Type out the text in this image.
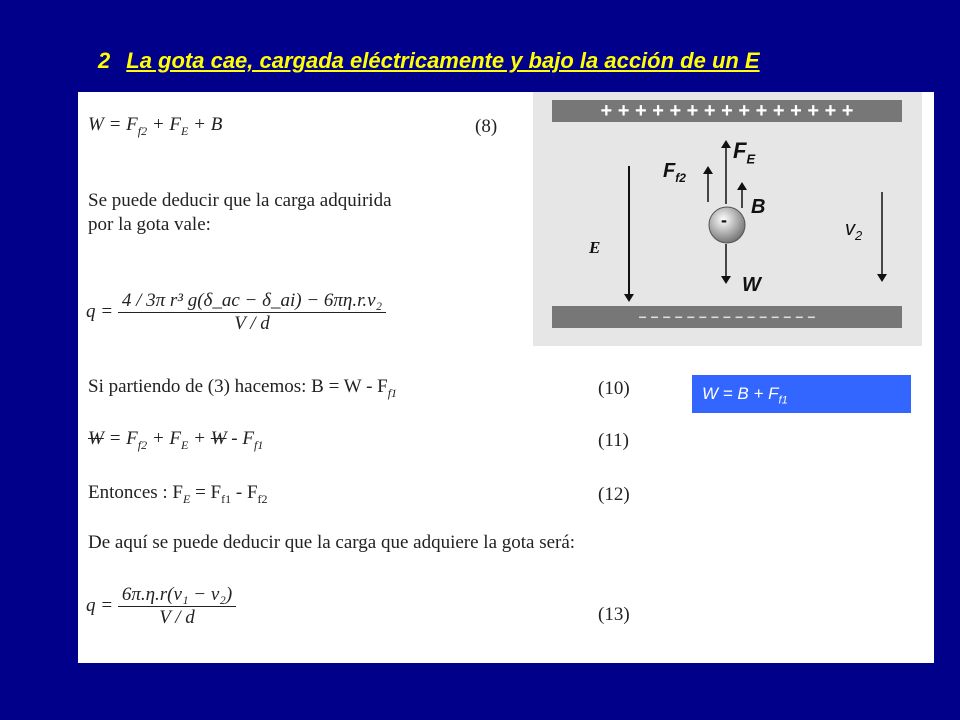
2 La gota cae, cargada eléctricamente y bajo la acción de un E
$W = F_{f2} + F_E + B$	(8)
Se puede deducir que la carga adquirida
por la gota vale:
$q = \frac{\text{4 / 3π r³ g(δ\_ac − δ\_ai) − 6πη.r.v₂}}{V / d}$
Si partiendo de (3) hacemos: $B = W - F_{f1}$	(10)
$W = F_{f2} + F_E + W - F_{f1}$	(11)
Entonces : $F_E = F_{f1} - F_{f2}$	(12)
De aquí se puede deducir que la carga que adquiere la gota será:
$q = \frac{\text{6π.η.r(v₁ − v₂)}}{V / d}$	(13)
+ + + + + + + + + + + + + + +
− − − − − − − − − − − − − − −
-
E
$F_{f2}$
$F_E$
B
W
$v_2$
$W = B + F_{f1}$
